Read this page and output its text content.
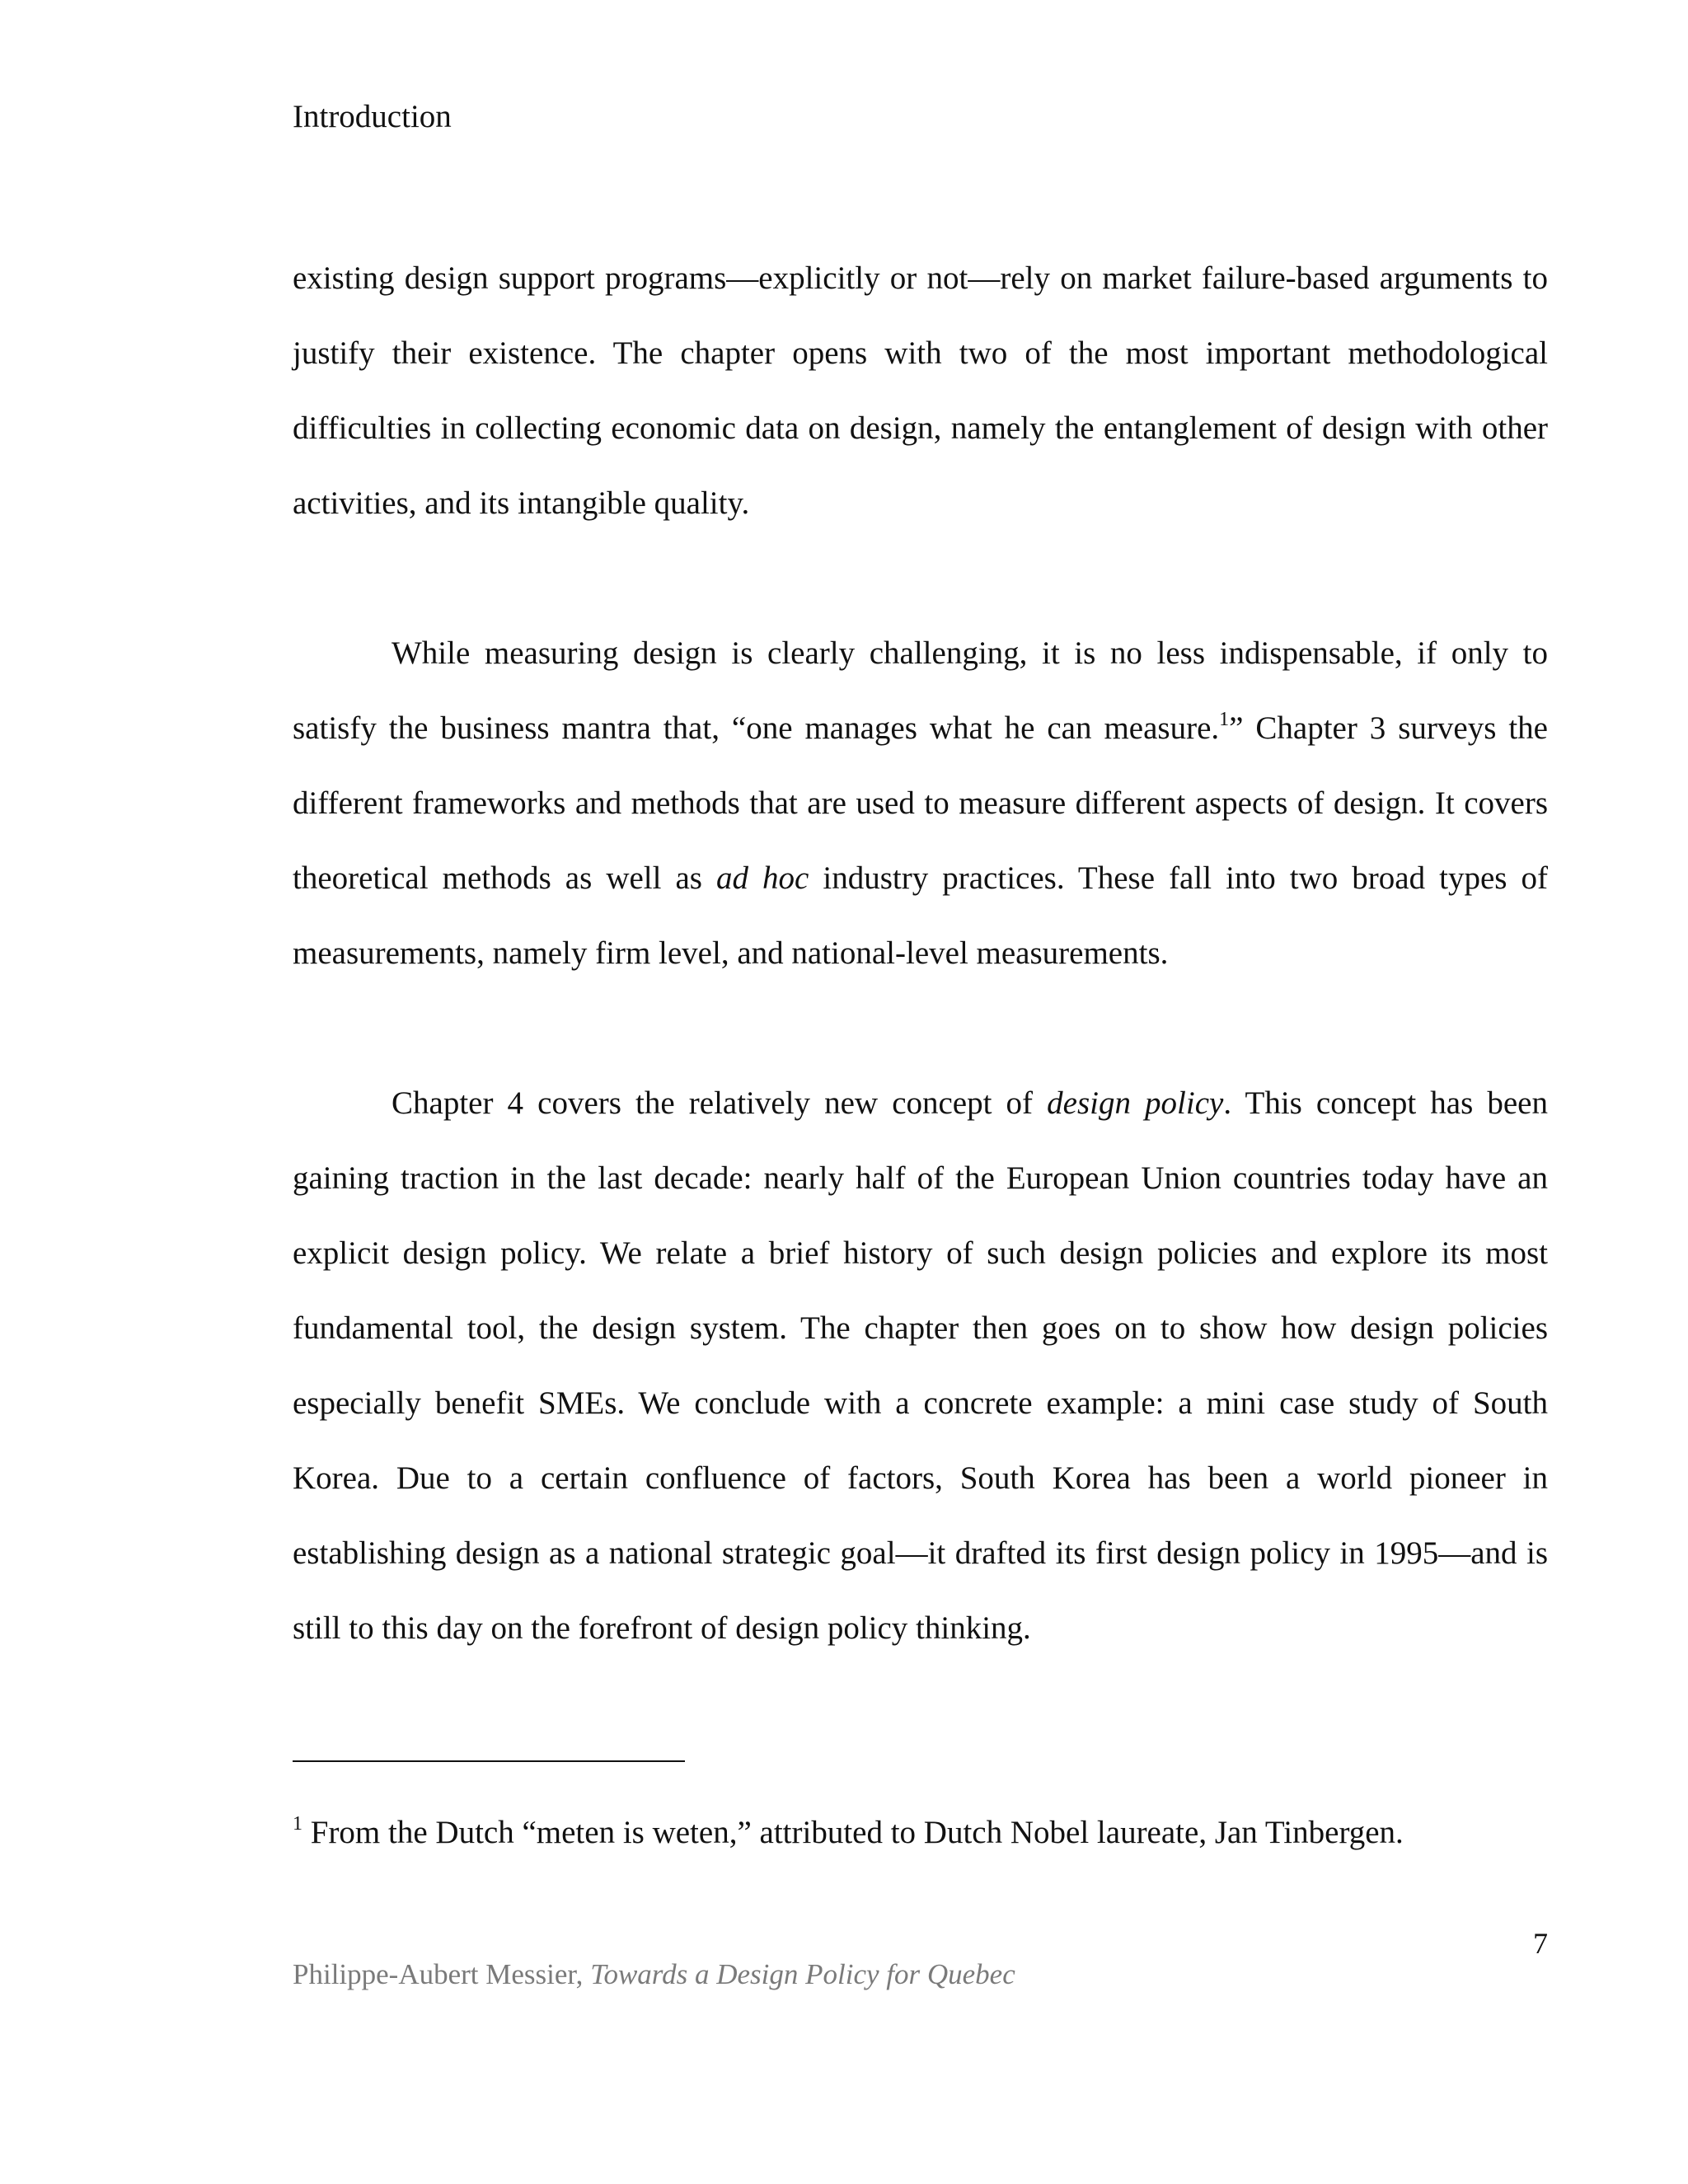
Introduction

existing design support programs—explicitly or not—rely on market failure-based arguments to justify their existence. The chapter opens with two of the most important methodological difficulties in collecting economic data on design, namely the entanglement of design with other activities, and its intangible quality.

While measuring design is clearly challenging, it is no less indispensable, if only to satisfy the business mantra that, “one manages what he can measure.$^1$” Chapter 3 surveys the different frameworks and methods that are used to measure different aspects of design. It covers theoretical methods as well as ad hoc industry practices. These fall into two broad types of measurements, namely firm level, and national-level measurements.

Chapter 4 covers the relatively new concept of design policy. This concept has been gaining traction in the last decade: nearly half of the European Union countries today have an explicit design policy. We relate a brief history of such design policies and explore its most fundamental tool, the design system. The chapter then goes on to show how design policies especially benefit SMEs. We conclude with a concrete example: a mini case study of South Korea. Due to a certain confluence of factors, South Korea has been a world pioneer in establishing design as a national strategic goal—it drafted its first design policy in 1995—and is still to this day on the forefront of design policy thinking.

$^1$ From the Dutch “meten is weten,” attributed to Dutch Nobel laureate, Jan Tinbergen.
7
Philippe-Aubert Messier, Towards a Design Policy for Quebec
